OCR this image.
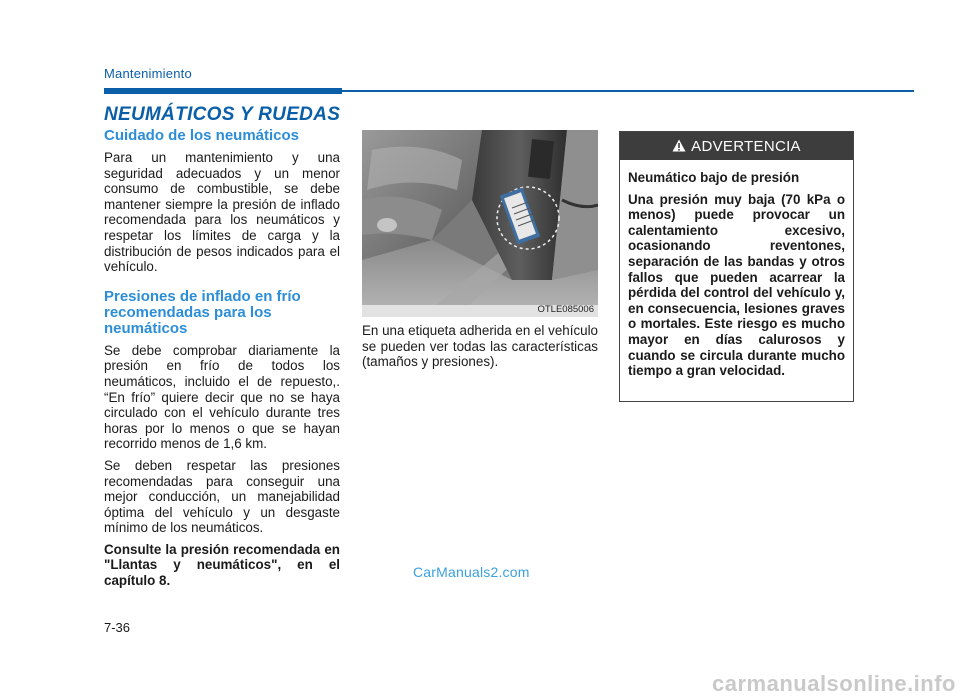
Mantenimiento
NEUMÁTICOS Y RUEDAS
Cuidado de los neumáticos

Para un mantenimiento y una seguridad adecuados y un menor consumo de combustible, se debe mantener siempre la presión de inflado recomendada para los neumáticos y respetar los límites de carga y la distribución de pesos indicados para el vehículo.

Presiones de inflado en frío recomendadas para los neumáticos

Se debe comprobar diariamente la presión en frío de todos los neumáticos, incluido el de repuesto,. “En frío” quiere decir que no se haya circulado con el vehículo durante tres horas por lo menos o que se hayan recorrido menos de 1,6 km.

Se deben respetar las presiones recomendadas para conseguir una mejor conducción, un manejabilidad óptima del vehículo y un desgaste mínimo de los neumáticos.

Consulte la presión recomendada en "Llantas y neumáticos", en el capítulo 8.

OTLE085006

En una etiqueta adherida en el vehículo se pueden ver todas las características (tamaños y presiones).

ADVERTENCIA

Neumático bajo de presión

Una presión muy baja (70 kPa o menos) puede provocar un calentamiento excesivo, ocasionando reventones, separación de las bandas y otros fallos que pueden acarrear la pérdida del control del vehículo y, en consecuencia, lesiones graves o mortales. Este riesgo es mucho mayor en días calurosos y cuando se circula durante mucho tiempo a gran velocidad.

CarManuals2.com
7-36
carmanualsonline.info
